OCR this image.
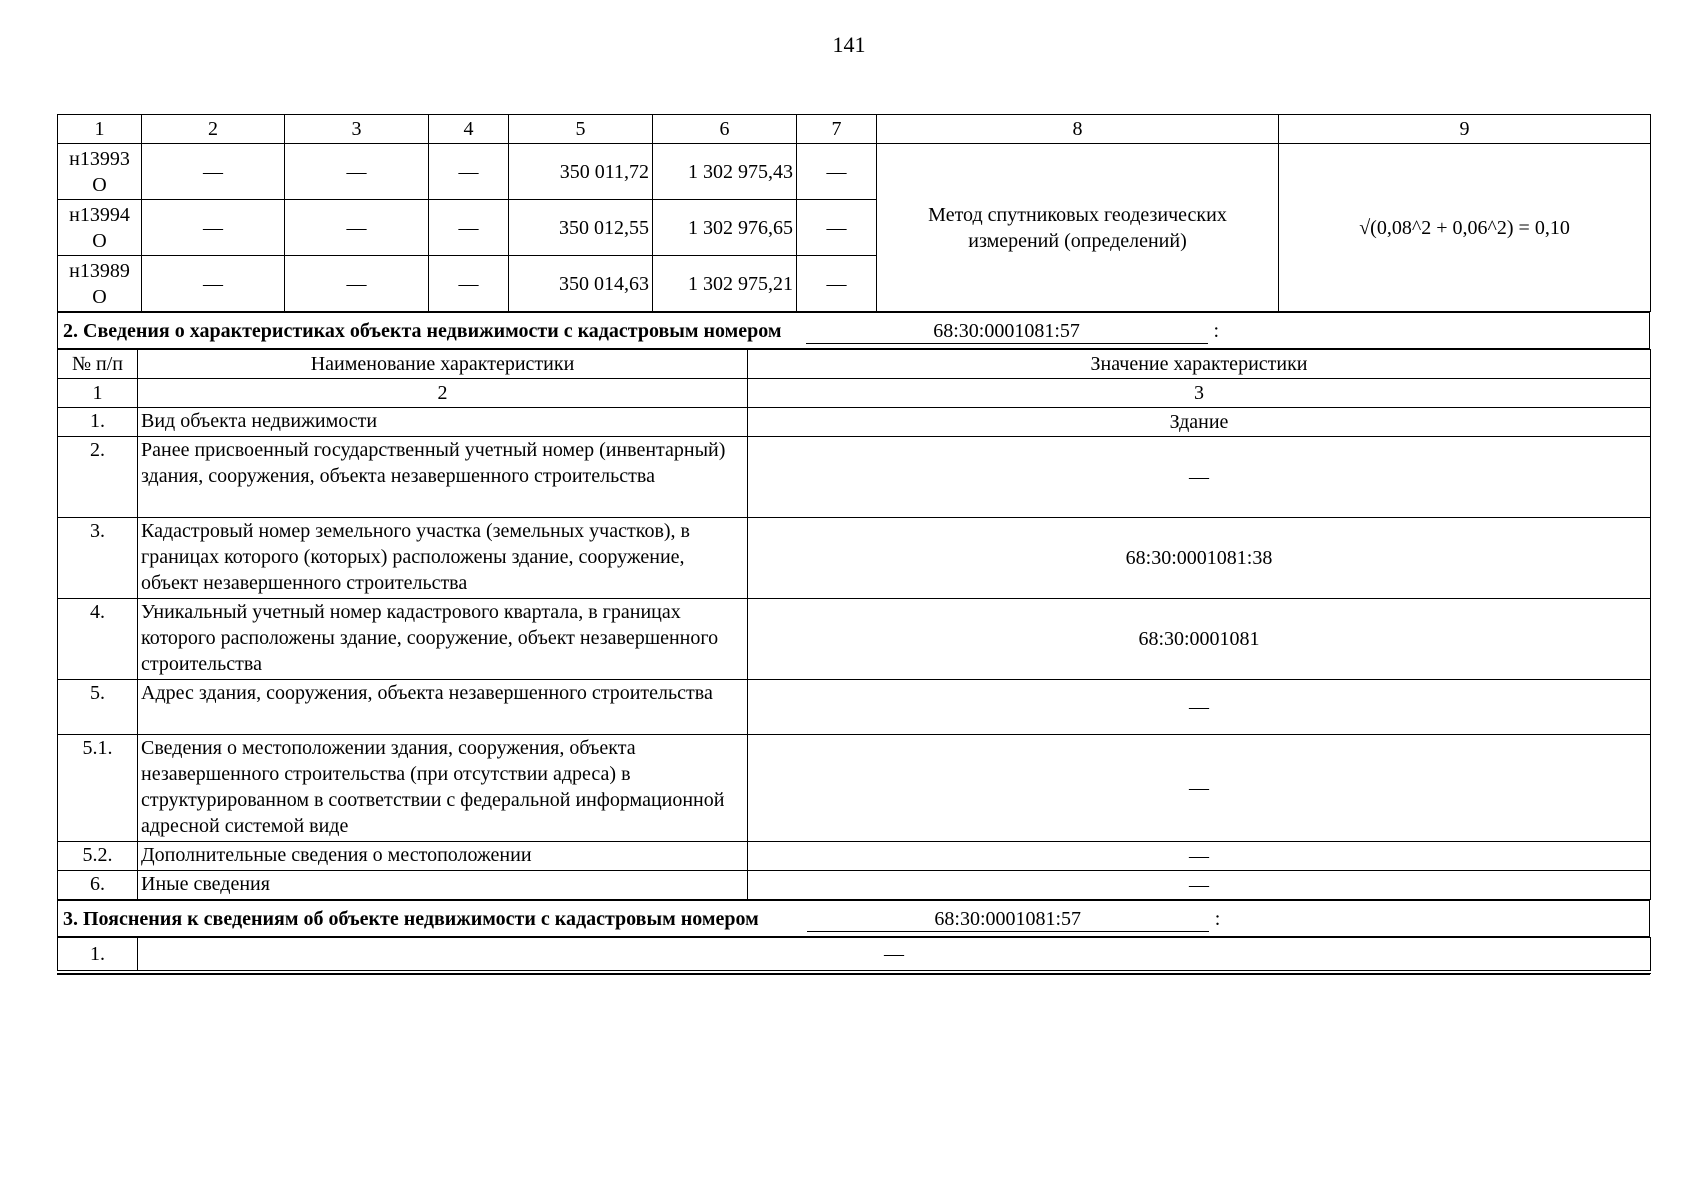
141
1	2	3	4	5	6	7	8	9
н13993 О	—	—	—	350 011,72	1 302 975,43	—	Метод спутниковых геодезических измерений (определений)	√(0,08^2 + 0,06^2) = 0,10
н13994 О	—	—	—	350 012,55	1 302 976,65	—		
н13989 О	—	—	—	350 014,63	1 302 975,21	—		
2. Сведения о характеристиках объекта недвижимости с кадастровым номером	68:30:0001081:57	:
№ п/п	Наименование характеристики	Значение характеристики
1	2	3
1.	Вид объекта недвижимости	Здание
2.	Ранее присвоенный государственный учетный номер (инвентарный) здания, сооружения, объекта незавершенного строительства	—
3.	Кадастровый номер земельного участка (земельных участков), в границах которого (которых) расположены здание, сооружение, объект незавершенного строительства	68:30:0001081:38
4.	Уникальный учетный номер кадастрового квартала, в границах которого расположены здание, сооружение, объект незавершенного строительства	68:30:0001081
5.	Адрес здания, сооружения, объекта незавершенного строительства	—
5.1.	Сведения о местоположении здания, сооружения, объекта незавершенного строительства (при отсутствии адреса) в структурированном в соответствии с федеральной информационной адресной системой виде	—
5.2.	Дополнительные сведения о местоположении	—
6.	Иные сведения	—
3. Пояснения к сведениям об объекте недвижимости с кадастровым номером	68:30:0001081:57	:
1.	—
